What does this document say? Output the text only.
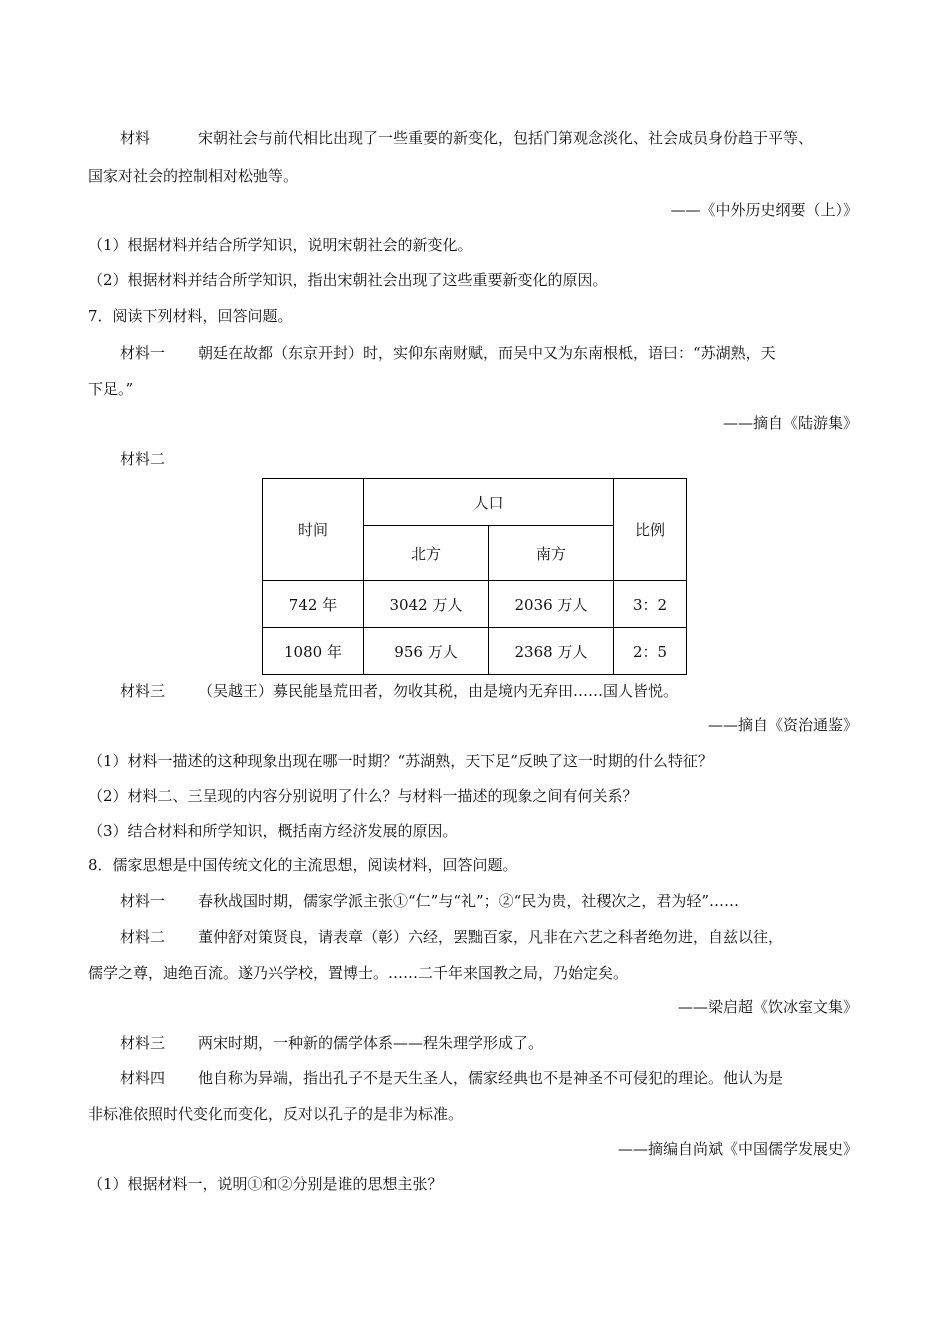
材料	宋朝社会与前代相比出现了一些重要的新变化，包括门第观念淡化、社会成员身份趋于平等、
国家对社会的控制相对松弛等。
——《中外历史纲要（上）》
（1）根据材料并结合所学知识，说明宋朝社会的新变化。
（2）根据材料并结合所学知识，指出宋朝社会出现了这些重要新变化的原因。
7．阅读下列材料，回答问题。
材料一 朝廷在故都（东京开封）时，实仰东南财赋，而吴中又为东南根柢，语曰：“苏湖熟，天
下足。”
——摘自《陆游集》
材料二
时间	人口		比例
	北方	南方	
742 年	3042 万人	2036 万人	3：2
1080 年	956 万人	2368 万人	2：5
材料三 （吴越王）募民能垦荒田者，勿收其税，由是境内无弃田……国人皆悦。
——摘自《资治通鉴》
（1）材料一描述的这种现象出现在哪一时期？“苏湖熟，天下足”反映了这一时期的什么特征？
（2）材料二、三呈现的内容分别说明了什么？与材料一描述的现象之间有何关系？
（3）结合材料和所学知识，概括南方经济发展的原因。
8．儒家思想是中国传统文化的主流思想，阅读材料，回答问题。
材料一 春秋战国时期，儒家学派主张①“仁”与“礼”；②“民为贵，社稷次之，君为轻”……
材料二 董仲舒对策贤良，请表章（彰）六经，罢黜百家，凡非在六艺之科者绝勿进，自兹以往，
儒学之尊，迪绝百流。遂乃兴学校，置博士。……二千年来国教之局，乃始定矣。
——梁启超《饮冰室文集》
材料三 两宋时期，一种新的儒学体系——程朱理学形成了。
材料四 他自称为异端，指出孔子不是天生圣人，儒家经典也不是神圣不可侵犯的理论。他认为是
非标准依照时代变化而变化，反对以孔子的是非为标准。
——摘编自尚斌《中国儒学发展史》
（1）根据材料一，说明①和②分别是谁的思想主张？
